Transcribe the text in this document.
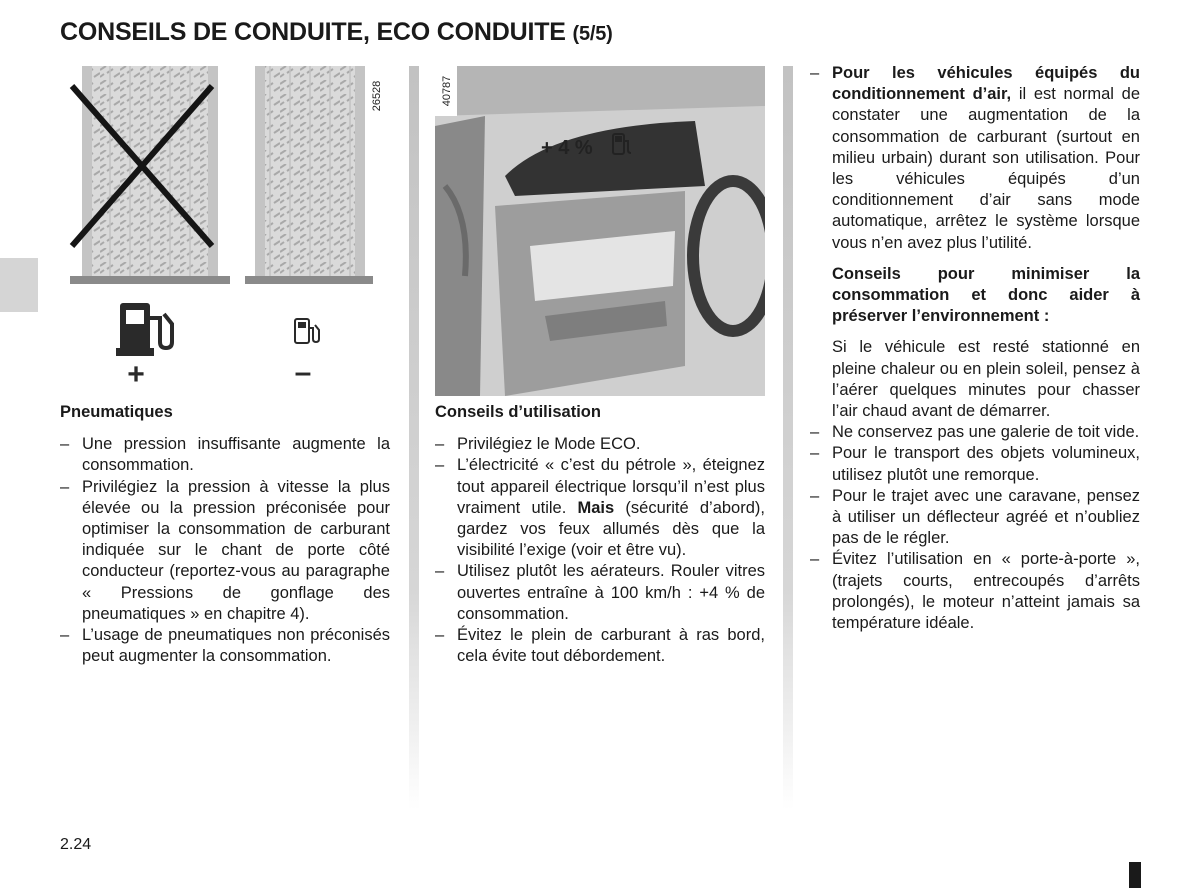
CONSEILS DE CONDUITE, ECO CONDUITE (5/5)
26528
+	–
+ 4 %
40787
Pneumatiques
– Une pression insuffisante augmente la consommation.
– Privilégiez la pression à vitesse la plus élevée ou la pression préconisée pour optimiser la consommation de carburant indiquée sur le chant de porte côté conducteur (reportez-vous au paragraphe « Pressions de gonflage des pneumatiques » en chapitre 4).
– L’usage de pneumatiques non préconisés peut augmenter la consommation.
Conseils d’utilisation
– Privilégiez le Mode ECO.
– L’électricité « c’est du pétrole », éteignez tout appareil électrique lorsqu’il n’est plus vraiment utile. Mais (sécurité d’abord), gardez vos feux allumés dès que la visibilité l’exige (voir et être vu).
– Utilisez plutôt les aérateurs. Rouler vitres ouvertes entraîne à 100 km/h : +4 % de consommation.
– Évitez le plein de carburant à ras bord, cela évite tout débordement.
– Pour les véhicules équipés du conditionnement d’air, il est normal de constater une augmentation de la consommation de carburant (surtout en milieu urbain) durant son utilisation. Pour les véhicules équipés d’un conditionnement d’air sans mode automatique, arrêtez le système lorsque vous n’en avez plus l’utilité.

Conseils pour minimiser la consommation et donc aider à préserver l’environnement :

Si le véhicule est resté stationné en pleine chaleur ou en plein soleil, pensez à l’aérer quelques minutes pour chasser l’air chaud avant de démarrer.

– Ne conservez pas une galerie de toit vide.
– Pour le transport des objets volumineux, utilisez plutôt une remorque.
– Pour le trajet avec une caravane, pensez à utiliser un déflecteur agréé et n’oubliez pas de le régler.
– Évitez l’utilisation en « porte-à-porte », (trajets courts, entrecoupés d’arrêts prolongés), le moteur n’atteint jamais sa température idéale.
2.24
